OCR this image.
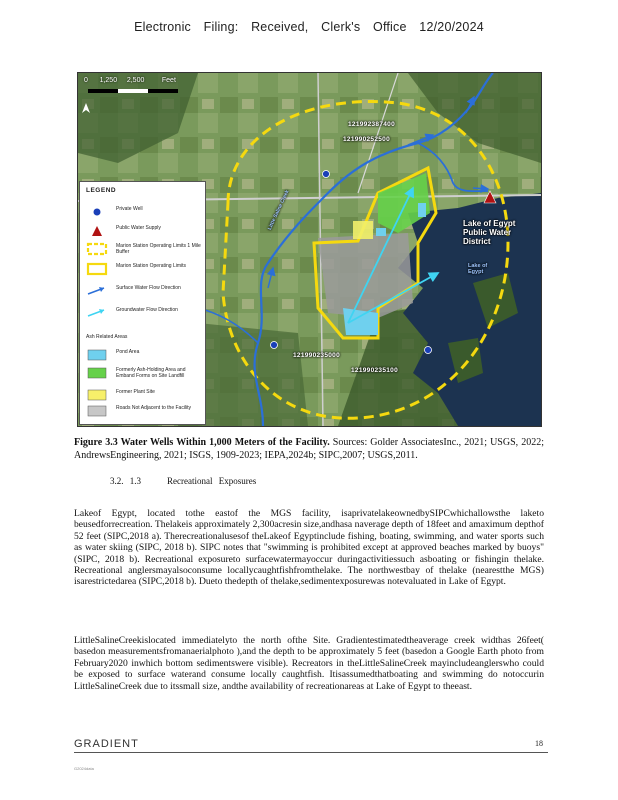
Electronic Filing: Received, Clerk's Office 12/20/2024
0 1,250 2,500	Feet
121992387400
121990252500
121990235000
121990235100
Lake of Egypt
Public Water
District
Lake of
Egypt
Little Saline Creek
LEGEND
Private Well
Public Water Supply
Marion Station Operating Limits 1 Mile Buffer
Marion Station Operating Limits
Surface Water Flow Direction
Groundwater Flow Direction
Ash Related Areas
Pond Area
Formerly Ash-Holding Area and Emband Forms on Site Landfill
Former Plant Site
Roads Not Adjacent to the Facility
Figure 3.3 Water Wells Within 1,000 Meters of the Facility. Sources: Golder AssociatesInc., 2021; USGS, 2022; AndrewsEngineering, 2021; ISGS, 1909-2023; IEPA,2024b; SIPC,2007; USGS,2011.
3.2. 1.3	Recreational Exposures
Lakeof Egypt, located tothe eastof the MGS facility, isaprivatelakeownedbySIPCwhichallowsthe laketo beusedforrecreation. Thelakeis approximately 2,300acresin size,andhasa naverage depth of 18feet and amaximum depthof 52 feet (SIPC,2018 a). Therecreationalusesof theLakeof Egyptinclude fishing, boating, swimming, and water sports such as water skiing (SIPC, 2018 b). SIPC notes that "swimming is prohibited except at approved beaches marked by buoys" (SIPC, 2018 b). Recreational exposureto surfacewatermayoccur duringactivitiessuch asboating or fishingin thelake. Recreational anglersmayalsoconsume locallycaughtfishfromthelake. The northwestbay of thelake (nearestthe MGS) isarestrictedarea (SIPC,2018 b). Dueto thedepth of thelake,sedimentexposurewas notevaluated in Lake of Egypt.
LittleSalineCreekislocated immediatelyto the north ofthe Site. Gradientestimatedtheaverage creek widthas 26feet( basedon measurementsfromanaerialphoto ),and the depth to be approximately 5 feet (basedon a Google Earth photo from February2020 inwhich bottom sedimentswere visible). Recreators in theLittleSalineCreek mayincludeanglerswho could be exposed to surface waterand consume locally caughtfish. Itisassumedthatboating and swimming do notoccurin LittleSalineCreek due to itssmall size, andthe availability of recreationareas at Lake of Egypt to theeast.
GRADIENT	18
G2024data
